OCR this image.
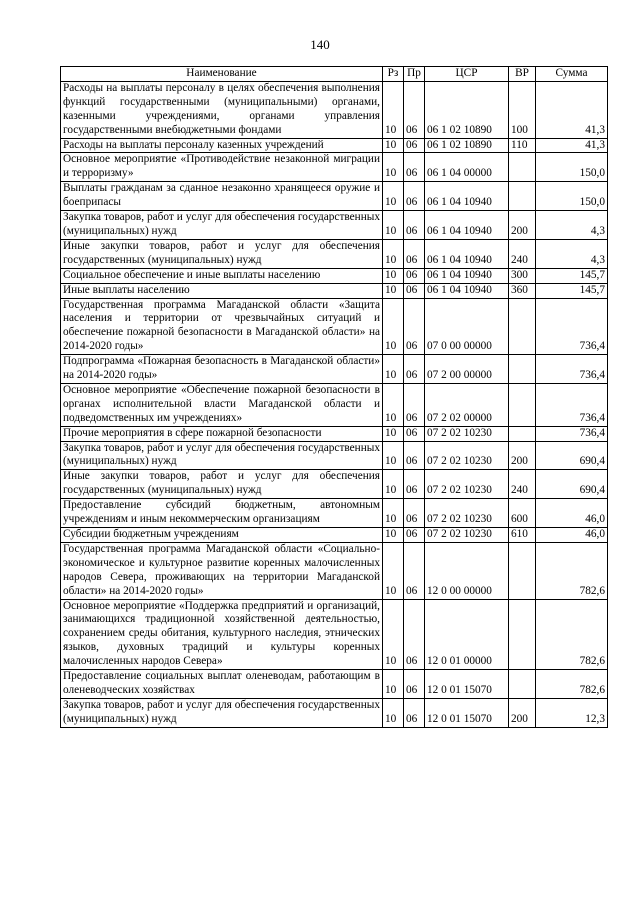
140
Наименование	Рз	Пр	ЦСР	ВР	Сумма
Расходы на выплаты персоналу в целях обеспечения выполнения функций государственными (муниципальными) органами, казенными учреждениями, органами управления государственными внебюджетными фондами	10	06	06 1 02 10890	100	41,3
Расходы на выплаты персоналу казенных учреждений	10	06	06 1 02 10890	110	41,3
Основное мероприятие «Противодействие незаконной миграции и терроризму»	10	06	06 1 04 00000		150,0
Выплаты гражданам за сданное незаконно хранящееся оружие и боеприпасы	10	06	06 1 04 10940		150,0
Закупка товаров, работ и услуг для обеспечения государственных (муниципальных) нужд	10	06	06 1 04 10940	200	4,3
Иные закупки товаров, работ и услуг для обеспечения государственных (муниципальных) нужд	10	06	06 1 04 10940	240	4,3
Социальное обеспечение и иные выплаты населению	10	06	06 1 04 10940	300	145,7
Иные выплаты населению	10	06	06 1 04 10940	360	145,7
Государственная программа Магаданской области «Защита населения и территории от чрезвычайных ситуаций и обеспечение пожарной безопасности в Магаданской области» на 2014-2020 годы»	10	06	07 0 00 00000		736,4
Подпрограмма «Пожарная безопасность в Магаданской области» на 2014-2020 годы»	10	06	07 2 00 00000		736,4
Основное мероприятие «Обеспечение пожарной безопасности в органах исполнительной власти Магаданской области и подведомственных им учреждениях»	10	06	07 2 02 00000		736,4
Прочие мероприятия в сфере пожарной безопасности	10	06	07 2 02 10230		736,4
Закупка товаров, работ и услуг для обеспечения государственных (муниципальных) нужд	10	06	07 2 02 10230	200	690,4
Иные закупки товаров, работ и услуг для обеспечения государственных (муниципальных) нужд	10	06	07 2 02 10230	240	690,4
Предоставление субсидий бюджетным, автономным учреждениям и иным некоммерческим организациям	10	06	07 2 02 10230	600	46,0
Субсидии бюджетным учреждениям	10	06	07 2 02 10230	610	46,0
Государственная программа Магаданской области «Социально-экономическое и культурное развитие коренных малочисленных народов Севера, проживающих на территории Магаданской области» на 2014-2020 годы»	10	06	12 0 00 00000		782,6
Основное мероприятие «Поддержка предприятий и организаций, занимающихся традиционной хозяйственной деятельностью, сохранением среды обитания, культурного наследия, этнических языков, духовных традиций и культуры коренных малочисленных народов Севера»	10	06	12 0 01 00000		782,6
Предоставление социальных выплат оленеводам, работающим в оленеводческих хозяйствах	10	06	12 0 01 15070		782,6
Закупка товаров, работ и услуг для обеспечения государственных (муниципальных) нужд	10	06	12 0 01 15070	200	12,3
